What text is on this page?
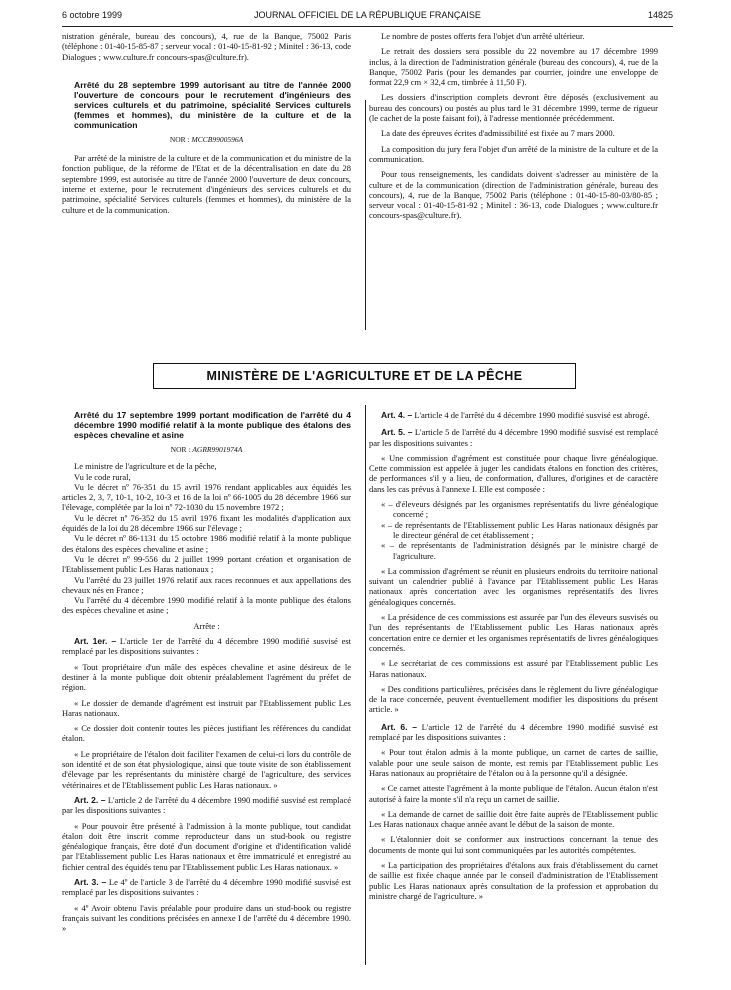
6 octobre 1999	JOURNAL OFFICIEL DE LA RÉPUBLIQUE FRANÇAISE	14825

nistration générale, bureau des concours), 4, rue de la Banque, 75002 Paris (téléphone : 01-40-15-85-87 ; serveur vocal : 01-40-15-81-92 ; Minitel : 36-13, code Dialogues ; www.culture.fr concours-spas@culture.fr).

Arrêté du 28 septembre 1999 autorisant au titre de l'année 2000 l'ouverture de concours pour le recrutement d'ingénieurs des services culturels et du patrimoine, spécialité Services culturels (femmes et hommes), du ministère de la culture et de la communication

NOR : MCCB9900596A

Par arrêté de la ministre de la culture et de la communication et du ministre de la fonction publique, de la réforme de l'Etat et de la décentralisation en date du 28 septembre 1999, est autorisée au titre de l'année 2000 l'ouverture de deux concours, interne et externe, pour le recrutement d'ingénieurs des services culturels et du patrimoine, spécialité Services culturels (femmes et hommes), du ministère de la culture et de la communication.

Le nombre de postes offerts fera l'objet d'un arrêté ultérieur.

Le retrait des dossiers sera possible du 22 novembre au 17 décembre 1999 inclus, à la direction de l'administration générale (bureau des concours), 4, rue de la Banque, 75002 Paris (pour les demandes par courrier, joindre une enveloppe de format 22,9 cm × 32,4 cm, timbrée à 11,50 F).

Les dossiers d'inscription complets devront être déposés (exclusivement au bureau des concours) ou postés au plus tard le 31 décembre 1999, terme de rigueur (le cachet de la poste faisant foi), à l'adresse mentionnée précédemment.

La date des épreuves écrites d'admissibilité est fixée au 7 mars 2000.

La composition du jury fera l'objet d'un arrêté de la ministre de la culture et de la communication.

Pour tous renseignements, les candidats doivent s'adresser au ministère de la culture et de la communication (direction de l'administration générale, bureau des concours), 4, rue de la Banque, 75002 Paris (téléphone : 01-40-15-80-03/80-85 ; serveur vocal : 01-40-15-81-92 ; Minitel : 36-13, code Dialogues ; www.culture.fr concours-spas@culture.fr).

MINISTÈRE DE L'AGRICULTURE ET DE LA PÊCHE

Arrêté du 17 septembre 1999 portant modification de l'arrêté du 4 décembre 1990 modifié relatif à la monte publique des étalons des espèces chevaline et asine

NOR : AGRR9901974A

Le ministre de l'agriculture et de la pêche,

Vu le code rural,

Vu le décret nº 76-351 du 15 avril 1976 rendant applicables aux équidés les articles 2, 3, 7, 10-1, 10-2, 10-3 et 16 de la loi nº 66-1005 du 28 décembre 1966 sur l'élevage, complétée par la loi nº 72-1030 du 15 novembre 1972 ;

Vu le décret nº 76-352 du 15 avril 1976 fixant les modalités d'application aux équidés de la loi du 28 décembre 1966 sur l'élevage ;

Vu le décret nº 86-1131 du 15 octobre 1986 modifié relatif à la monte publique des étalons des espèces chevaline et asine ;

Vu le décret nº 99-556 du 2 juillet 1999 portant création et organisation de l'Etablissement public Les Haras nationaux ;

Vu l'arrêté du 23 juillet 1976 relatif aux races reconnues et aux appellations des chevaux nés en France ;

Vu l'arrêté du 4 décembre 1990 modifié relatif à la monte publique des étalons des espèces chevaline et asine ;

Arrête :

Art. 1er. – L'article 1er de l'arrêté du 4 décembre 1990 modifié susvisé est remplacé par les dispositions suivantes :

« Tout propriétaire d'un mâle des espèces chevaline et asine désireux de le destiner à la monte publique doit obtenir préalablement l'agrément du préfet de région.

« Le dossier de demande d'agrément est instruit par l'Etablissement public Les Haras nationaux.

« Ce dossier doit contenir toutes les pièces justifiant les références du candidat étalon.

« Le propriétaire de l'étalon doit faciliter l'examen de celui-ci lors du contrôle de son identité et de son état physiologique, ainsi que toute visite de son établissement d'élevage par les représentants du ministère chargé de l'agriculture, des services vétérinaires et de l'Etablissement public Les Haras nationaux. »

Art. 2. – L'article 2 de l'arrêté du 4 décembre 1990 modifié susvisé est remplacé par les dispositions suivantes :

« Pour pouvoir être présenté à l'admission à la monte publique, tout candidat étalon doit être inscrit comme reproducteur dans un stud-book ou registre généalogique français, être doté d'un document d'origine et d'identification validé par l'Etablissement public Les Haras nationaux et être immatriculé et enregistré au fichier central des équidés tenu par l'Etablissement public Les Haras nationaux. »

Art. 3. – Le 4º de l'article 3 de l'arrêté du 4 décembre 1990 modifié susvisé est remplacé par les dispositions suivantes :

« 4º Avoir obtenu l'avis préalable pour produire dans un stud-book ou registre français suivant les conditions précisées en annexe I de l'arrêté du 4 décembre 1990. »

Art. 4. – L'article 4 de l'arrêté du 4 décembre 1990 modifié susvisé est abrogé.

Art. 5. – L'article 5 de l'arrêté du 4 décembre 1990 modifié susvisé est remplacé par les dispositions suivantes :

« Une commission d'agrément est constituée pour chaque livre généalogique. Cette commission est appelée à juger les candidats étalons en fonction des critères, de performances s'il y a lieu, de conformation, d'allures, d'origines et de caractère dans les cas prévus à l'annexe I. Elle est composée :

« – d'éleveurs désignés par les organismes représentatifs du livre généalogique concerné ;

« – de représentants de l'Etablissement public Les Haras nationaux désignés par le directeur général de cet établissement ;

« – de représentants de l'administration désignés par le ministre chargé de l'agriculture.

« La commission d'agrément se réunit en plusieurs endroits du territoire national suivant un calendrier publié à l'avance par l'Etablissement public Les Haras nationaux après concertation avec les organismes représentatifs des livres généalogiques concernés.

« La présidence de ces commissions est assurée par l'un des éleveurs susvisés ou l'un des représentants de l'Etablissement public Les Haras nationaux après concertation entre ce dernier et les organismes représentatifs de livres généalogiques concernés.

« Le secrétariat de ces commissions est assuré par l'Etablissement public Les Haras nationaux.

« Des conditions particulières, précisées dans le règlement du livre généalogique de la race concernée, peuvent éventuellement modifier les dispositions du présent article. »

Art. 6. – L'article 12 de l'arrêté du 4 décembre 1990 modifié susvisé est remplacé par les dispositions suivantes :

« Pour tout étalon admis à la monte publique, un carnet de cartes de saillie, valable pour une seule saison de monte, est remis par l'Etablissement public Les Haras nationaux au propriétaire de l'étalon ou à la personne qu'il a désignée.

« Ce carnet atteste l'agrément à la monte publique de l'étalon. Aucun étalon n'est autorisé à faire la monte s'il n'a reçu un carnet de saillie.

« La demande de carnet de saillie doit être faite auprès de l'Etablissement public Les Haras nationaux chaque année avant le début de la saison de monte.

« L'étalonnier doit se conformer aux instructions concernant la tenue des documents de monte qui lui sont communiquées par les autorités compétentes.

« La participation des propriétaires d'étalons aux frais d'établissement du carnet de saillie est fixée chaque année par le conseil d'administration de l'Etablissement public Les Haras nationaux après consultation de la profession et approbation du ministre chargé de l'agriculture. »
